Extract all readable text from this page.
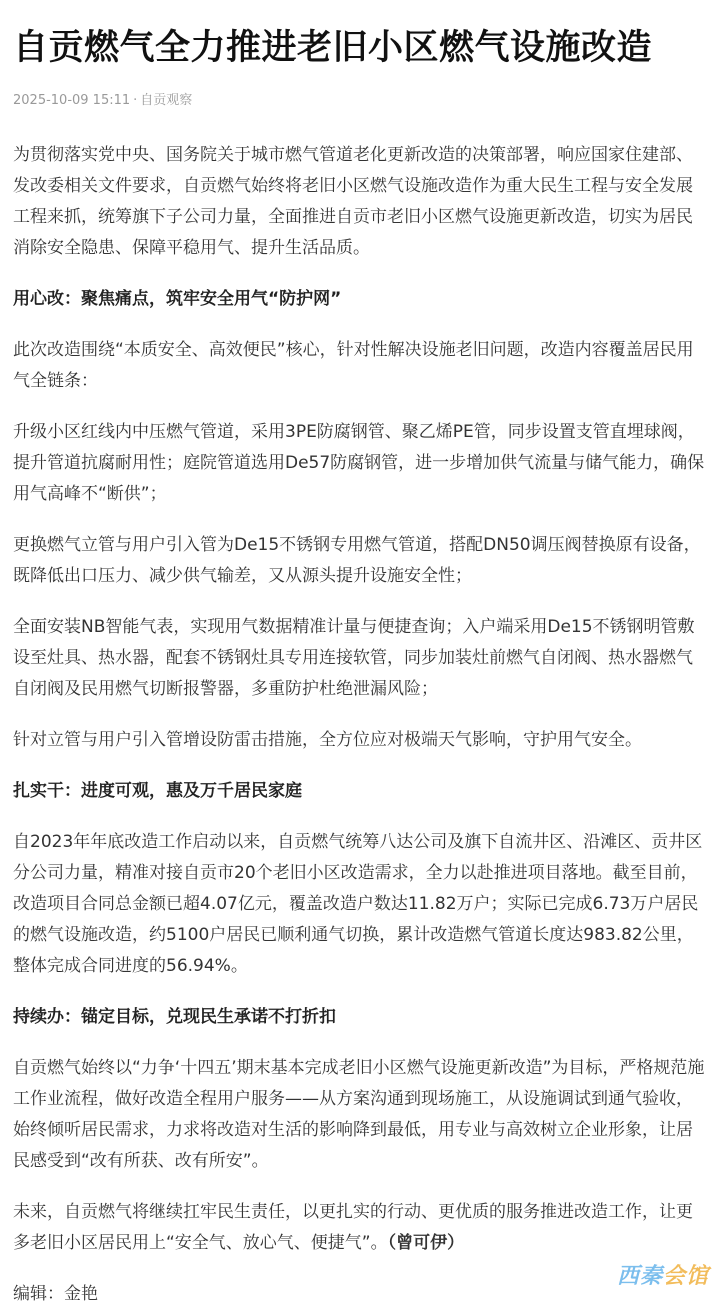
自贡燃气全力推进老旧小区燃气设施改造
2025-10-09 15:11 · 自贡观察

为贯彻落实党中央、国务院关于城市燃气管道老化更新改造的决策部署，响应国家住建部、发改委相关文件要求，自贡燃气始终将老旧小区燃气设施改造作为重大民生工程与安全发展工程来抓，统筹旗下子公司力量，全面推进自贡市老旧小区燃气设施更新改造，切实为居民消除安全隐患、保障平稳用气、提升生活品质。

用心改：聚焦痛点，筑牢安全用气“防护网”

此次改造围绕“本质安全、高效便民”核心，针对性解决设施老旧问题，改造内容覆盖居民用气全链条：

升级小区红线内中压燃气管道，采用3PE防腐钢管、聚乙烯PE管，同步设置支管直埋球阀，提升管道抗腐耐用性；庭院管道选用De57防腐钢管，进一步增加供气流量与储气能力，确保用气高峰不“断供”；

更换燃气立管与用户引入管为De15不锈钢专用燃气管道，搭配DN50调压阀替换原有设备，既降低出口压力、减少供气输差，又从源头提升设施安全性；

全面安装NB智能气表，实现用气数据精准计量与便捷查询；入户端采用De15不锈钢明管敷设至灶具、热水器，配套不锈钢灶具专用连接软管，同步加装灶前燃气自闭阀、热水器燃气自闭阀及民用燃气切断报警器，多重防护杜绝泄漏风险；

针对立管与用户引入管增设防雷击措施，全方位应对极端天气影响，守护用气安全。

扎实干：进度可观，惠及万千居民家庭

自2023年年底改造工作启动以来，自贡燃气统筹八达公司及旗下自流井区、沿滩区、贡井区分公司力量，精准对接自贡市20个老旧小区改造需求，全力以赴推进项目落地。截至目前，改造项目合同总金额已超4.07亿元，覆盖改造户数达11.82万户；实际已完成6.73万户居民的燃气设施改造，约5100户居民已顺利通气切换，累计改造燃气管道长度达983.82公里，整体完成合同进度的56.94%。

持续办：锚定目标，兑现民生承诺不打折扣

自贡燃气始终以“力争‘十四五’期末基本完成老旧小区燃气设施更新改造”为目标，严格规范施工作业流程，做好改造全程用户服务——从方案沟通到现场施工，从设施调试到通气验收，始终倾听居民需求，力求将改造对生活的影响降到最低，用专业与高效树立企业形象，让居民感受到“改有所获、改有所安”。

未来，自贡燃气将继续扛牢民生责任，以更扎实的行动、更优质的服务推进改造工作，让更多老旧小区居民用上“安全气、放心气、便捷气”。（曾可伊）

编辑：金艳

西秦会馆
